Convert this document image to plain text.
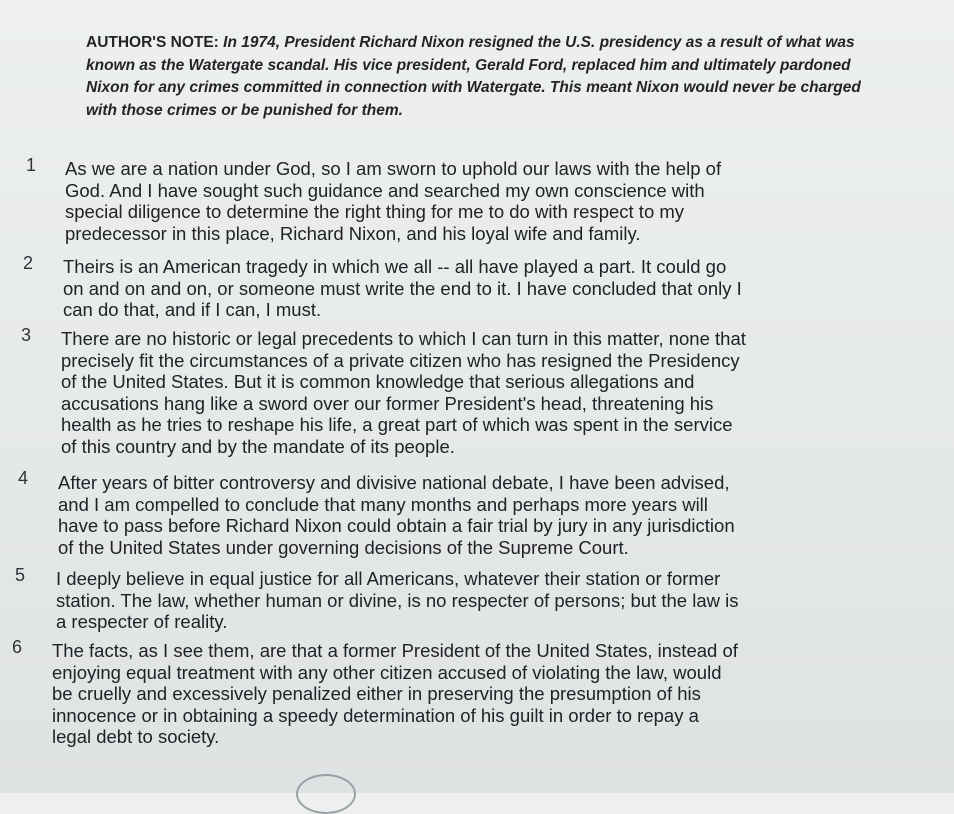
AUTHOR'S NOTE: In 1974, President Richard Nixon resigned the U.S. presidency as a result of what was
known as the Watergate scandal. His vice president, Gerald Ford, replaced him and ultimately pardoned
Nixon for any crimes committed in connection with Watergate. This meant Nixon would never be charged
with those crimes or be punished for them.
1 As we are a nation under God, so I am sworn to uphold our laws with the help of
God. And I have sought such guidance and searched my own conscience with
special diligence to determine the right thing for me to do with respect to my
predecessor in this place, Richard Nixon, and his loyal wife and family.
2 Theirs is an American tragedy in which we all -- all have played a part. It could go
on and on and on, or someone must write the end to it. I have concluded that only I
can do that, and if I can, I must.
3 There are no historic or legal precedents to which I can turn in this matter, none that
precisely fit the circumstances of a private citizen who has resigned the Presidency
of the United States. But it is common knowledge that serious allegations and
accusations hang like a sword over our former President's head, threatening his
health as he tries to reshape his life, a great part of which was spent in the service
of this country and by the mandate of its people.
4 After years of bitter controversy and divisive national debate, I have been advised,
and I am compelled to conclude that many months and perhaps more years will
have to pass before Richard Nixon could obtain a fair trial by jury in any jurisdiction
of the United States under governing decisions of the Supreme Court.
5 I deeply believe in equal justice for all Americans, whatever their station or former
station. The law, whether human or divine, is no respecter of persons; but the law is
a respecter of reality.
6 The facts, as I see them, are that a former President of the United States, instead of
enjoying equal treatment with any other citizen accused of violating the law, would
be cruelly and excessively penalized either in preserving the presumption of his
innocence or in obtaining a speedy determination of his guilt in order to repay a
legal debt to society.
